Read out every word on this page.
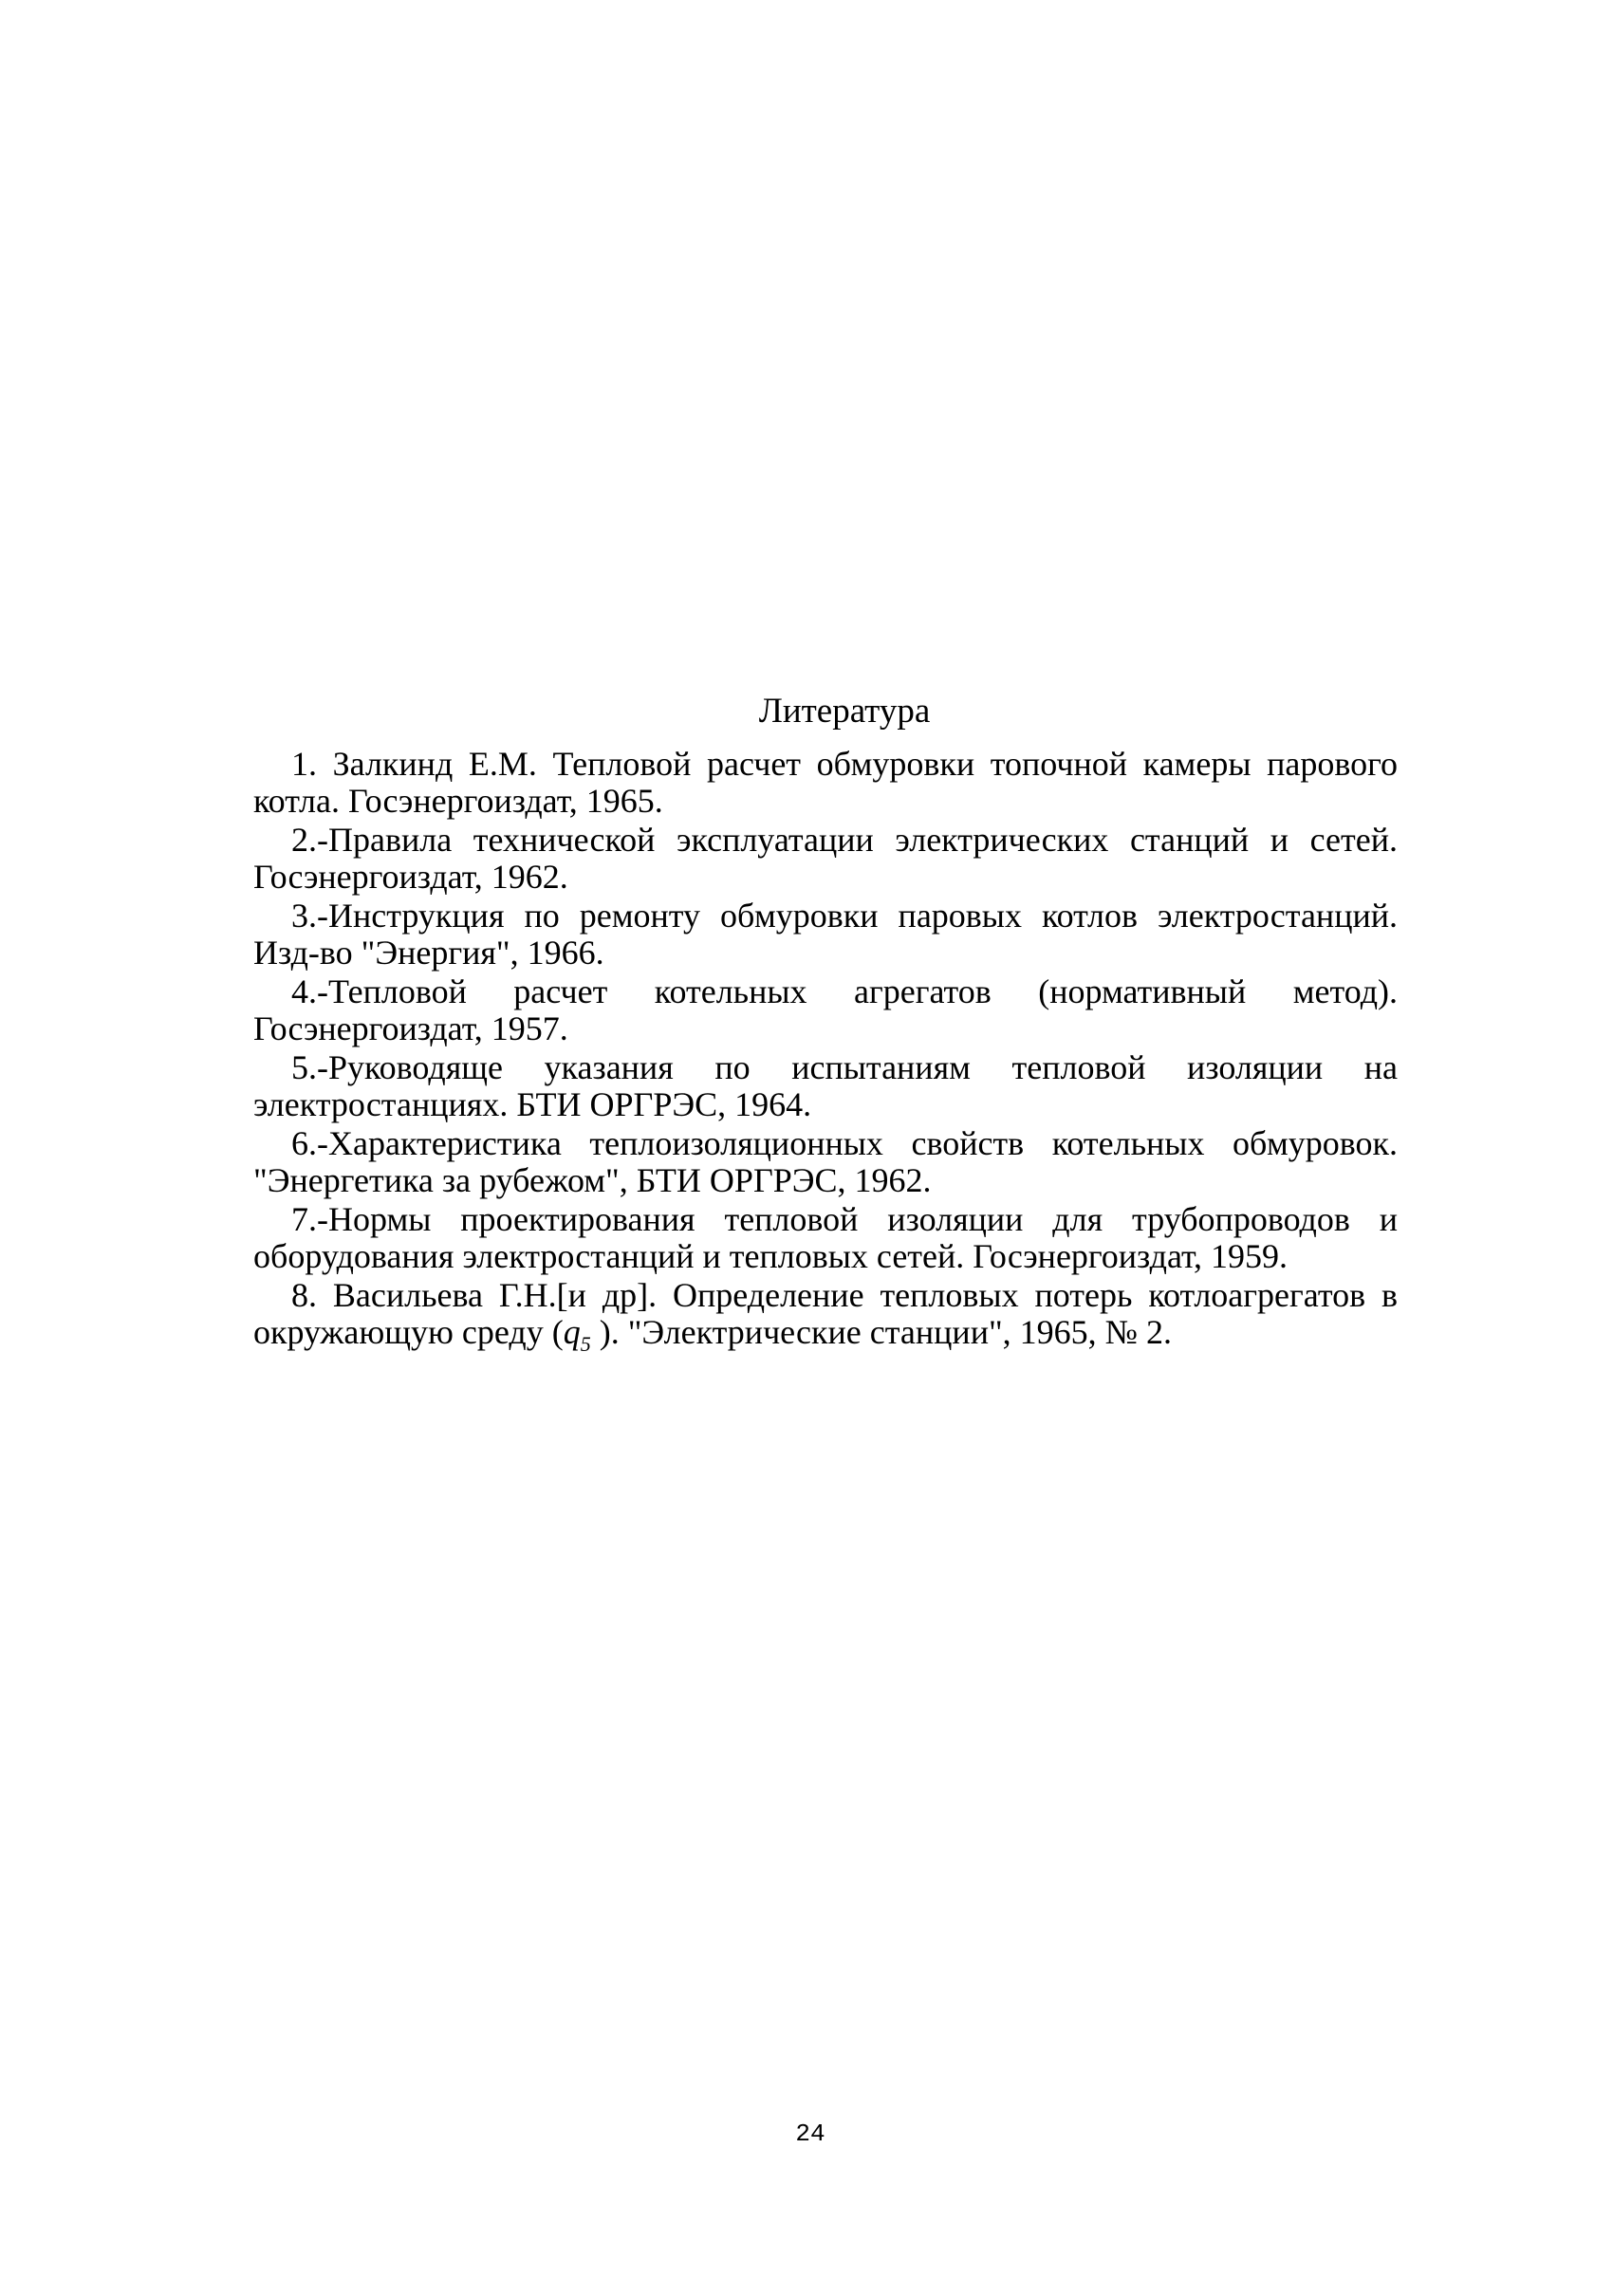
Литература

1. Залкинд Е.М. Тепловой расчет обмуровки топочной камеры парового котла. Госэнергоиздат, 1965.

2.-Правила технической эксплуатации электрических станций и сетей. Госэнергоиздат, 1962.

3.-Инструкция по ремонту обмуровки паровых котлов электростанций. Изд-во "Энергия", 1966.

4.-Тепловой расчет котельных агрегатов (нормативный метод). Госэнергоиздат, 1957.

5.-Руководяще указания по испытаниям тепловой изоляции на электростанциях. БТИ ОРГРЭС, 1964.

6.-Характеристика теплоизоляционных свойств котельных обмуровок. "Энергетика за рубежом", БТИ ОРГРЭС, 1962.

7.-Нормы проектирования тепловой изоляции для трубопроводов и оборудования электростанций и тепловых сетей. Госэнергоиздат, 1959.

8. Васильева Г.Н.[и др]. Определение тепловых потерь котлоагрегатов в окружающую среду ($q_5$ ). "Электрические станции", 1965, № 2.

24
